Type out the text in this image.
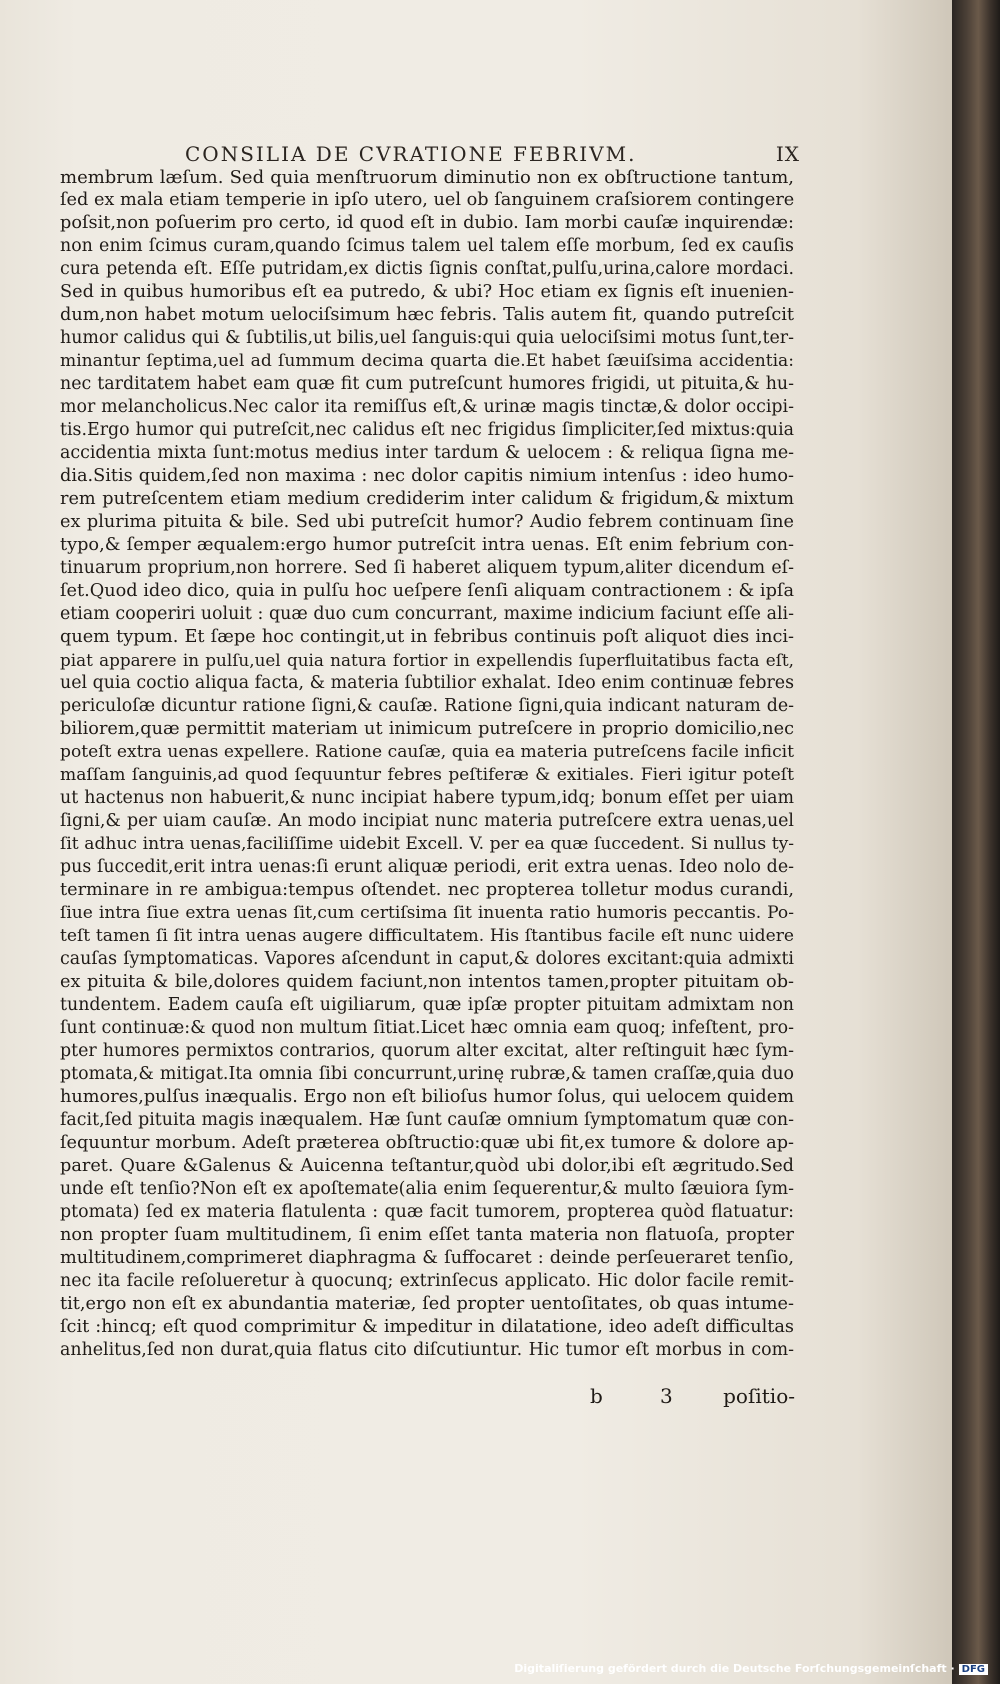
CONSILIA DE CVRATIONE FEBRIVM.	IX
membrum læſum. Sed quia menſtruorum diminutio non ex obſtructione tantum,
ſed ex mala etiam temperie in ipſo utero, uel ob ſanguinem craſsiorem contingere
poſsit,non poſuerim pro certo, id quod eſt in dubio. Iam morbi cauſæ inquirendæ:
non enim ſcimus curam,quando ſcimus talem uel talem eſſe morbum, ſed ex cauſis
cura petenda eſt. Eſſe putridam,ex dictis ſignis conſtat,pulſu,urina,calore mordaci.
Sed in quibus humoribus eſt ea putredo, & ubi? Hoc etiam ex ſignis eſt inuenien-
dum,non habet motum uelociſsimum hæc febris. Talis autem fit, quando putreſcit
humor calidus qui & ſubtilis,ut bilis,uel ſanguis:qui quia uelociſsimi motus ſunt,ter-
minantur ſeptima,uel ad ſummum decima quarta die.Et habet ſæuiſsima accidentia:
nec tarditatem habet eam quæ fit cum putreſcunt humores frigidi, ut pituita,& hu-
mor melancholicus.Nec calor ita remiſſus eſt,& urinæ magis tinctæ,& dolor occipi-
tis.Ergo humor qui putreſcit,nec calidus eſt nec frigidus ſimpliciter,ſed mixtus:quia
accidentia mixta ſunt:motus medius inter tardum & uelocem : & reliqua ſigna me-
dia.Sitis quidem,ſed non maxima : nec dolor capitis nimium intenſus : ideo humo-
rem putreſcentem etiam medium crediderim inter calidum & frigidum,& mixtum
ex plurima pituita & bile. Sed ubi putreſcit humor? Audio febrem continuam ſine
typo,& ſemper æqualem:ergo humor putreſcit intra uenas. Eſt enim febrium con-
tinuarum proprium,non horrere. Sed ſi haberet aliquem typum,aliter dicendum eſ-
ſet.Quod ideo dico, quia in pulſu hoc ueſpere ſenſi aliquam contractionem : & ipſa
etiam cooperiri uoluit : quæ duo cum concurrant, maxime indicium faciunt eſſe ali-
quem typum. Et ſæpe hoc contingit,ut in febribus continuis poſt aliquot dies inci-
piat apparere in pulſu,uel quia natura fortior in expellendis ſuperfluitatibus facta eſt,
uel quia coctio aliqua facta, & materia ſubtilior exhalat. Ideo enim continuæ febres
periculoſæ dicuntur ratione ſigni,& cauſæ. Ratione ſigni,quia indicant naturam de-
biliorem,quæ permittit materiam ut inimicum putreſcere in proprio domicilio,nec
poteſt extra uenas expellere. Ratione cauſæ, quia ea materia putreſcens facile inficit
maſſam ſanguinis,ad quod ſequuntur febres peſtiferæ & exitiales. Fieri igitur poteſt
ut hactenus non habuerit,& nunc incipiat habere typum,idq; bonum eſſet per uiam
ſigni,& per uiam cauſæ. An modo incipiat nunc materia putreſcere extra uenas,uel
ſit adhuc intra uenas,faciliſſime uidebit Excell. V. per ea quæ ſuccedent. Si nullus ty-
pus ſuccedit,erit intra uenas:ſi erunt aliquæ periodi, erit extra uenas. Ideo nolo de-
terminare in re ambigua:tempus oſtendet. nec propterea tolletur modus curandi,
ſiue intra ſiue extra uenas ſit,cum certiſsima ſit inuenta ratio humoris peccantis. Po-
teſt tamen ſi ſit intra uenas augere difficultatem. His ſtantibus facile eſt nunc uidere
cauſas ſymptomaticas. Vapores aſcendunt in caput,& dolores excitant:quia admixti
ex pituita & bile,dolores quidem faciunt,non intentos tamen,propter pituitam ob-
tundentem. Eadem cauſa eſt uigiliarum, quæ ipſæ propter pituitam admixtam non
ſunt continuæ:& quod non multum ſitiat.Licet hæc omnia eam quoq; infeſtent, pro-
pter humores permixtos contrarios, quorum alter excitat, alter reſtinguit hæc ſym-
ptomata,& mitigat.Ita omnia ſibi concurrunt,urinę rubræ,& tamen craſſæ,quia duo
humores,pulſus inæqualis. Ergo non eſt bilioſus humor ſolus, qui uelocem quidem
facit,ſed pituita magis inæqualem. Hæ ſunt cauſæ omnium ſymptomatum quæ con-
ſequuntur morbum. Adeſt præterea obſtructio:quæ ubi fit,ex tumore & dolore ap-
paret. Quare &Galenus & Auicenna teſtantur,quòd ubi dolor,ibi eſt ægritudo.Sed
unde eſt tenſio?Non eſt ex apoſtemate(alia enim ſequerentur,& multo ſæuiora ſym-
ptomata) ſed ex materia flatulenta : quæ facit tumorem, propterea quòd flatuatur:
non propter ſuam multitudinem, ſi enim eſſet tanta materia non flatuoſa, propter
multitudinem,comprimeret diaphragma & ſuffocaret : deinde perſeueraret tenſio,
nec ita facile reſolueretur à quocunq; extrinſecus applicato. Hic dolor facile remit-
tit,ergo non eſt ex abundantia materiæ, ſed propter uentoſitates, ob quas intume-
ſcit :hincq; eſt quod comprimitur & impeditur in dilatatione, ideo adeſt difficultas
anhelitus,ſed non durat,quia flatus cito diſcutiuntur. Hic tumor eſt morbus in com-
b	3	poſitio-
Digitaliſierung gefördert durch die Deutsche Forſchungsgemeinſchaft · DFG
